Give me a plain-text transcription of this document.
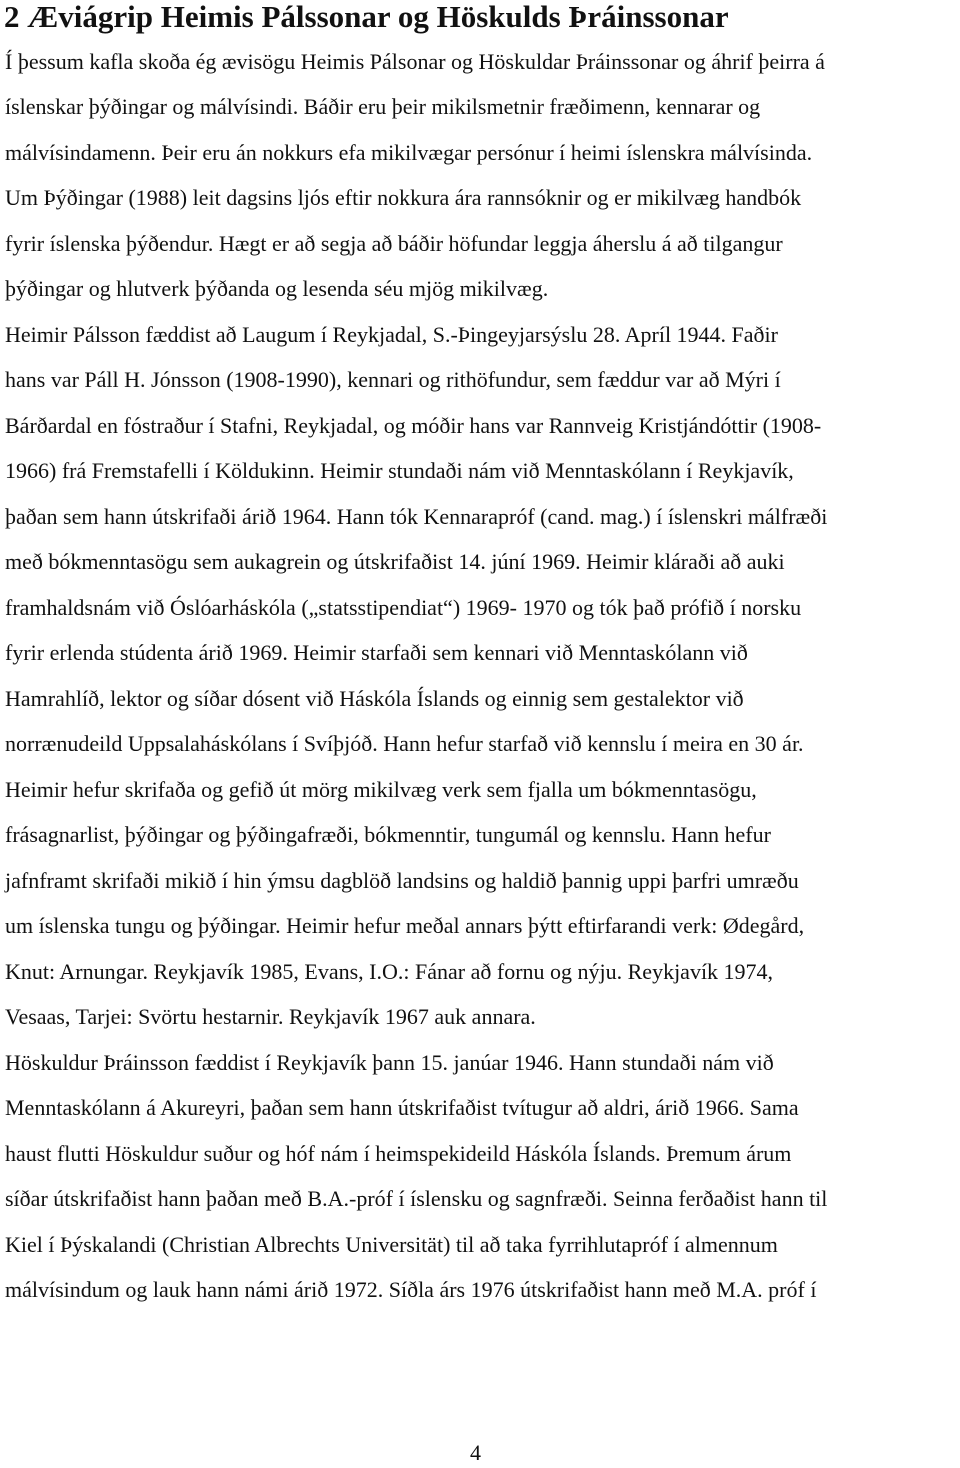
2 Æviágrip Heimis Pálssonar og Höskulds Þráinssonar

Í þessum kafla skoða ég ævisögu Heimis Pálsonar og Höskuldar Þráinssonar og áhrif þeirra á

íslenskar þýðingar og málvísindi. Báðir eru þeir mikilsmetnir fræðimenn, kennarar og

málvísindamenn. Þeir eru án nokkurs efa mikilvægar persónur í heimi íslenskra málvísinda.

Um Þýðingar (1988) leit dagsins ljós eftir nokkura ára rannsóknir og er mikilvæg handbók

fyrir íslenska þýðendur. Hægt er að segja að báðir höfundar leggja áherslu á að tilgangur

þýðingar og hlutverk þýðanda og lesenda séu mjög mikilvæg.

Heimir Pálsson fæddist að Laugum í Reykjadal, S.-Þingeyjarsýslu 28. Apríl 1944. Faðir

hans var Páll H. Jónsson (1908-1990), kennari og rithöfundur, sem fæddur var að Mýri í

Bárðardal en fóstraður í Stafni, Reykjadal, og móðir hans var Rannveig Kristjándóttir (1908-

1966) frá Fremstafelli í Köldukinn. Heimir stundaði nám við Menntaskólann í Reykjavík,

þaðan sem hann útskrifaði árið 1964. Hann tók Kennarapróf (cand. mag.) í íslenskri málfræði

með bókmenntasögu sem aukagrein og útskrifaðist 14. júní 1969. Heimir kláraði að auki

framhaldsnám við Óslóarháskóla („statsstipendiat“) 1969- 1970 og tók það prófið í norsku

fyrir erlenda stúdenta árið 1969. Heimir starfaði sem kennari við Menntaskólann við

Hamrahlíð, lektor og síðar dósent við Háskóla Íslands og einnig sem gestalektor við

norrænudeild Uppsalaháskólans í Svíþjóð. Hann hefur starfað við kennslu í meira en 30 ár.

Heimir hefur skrifaða og gefið út mörg mikilvæg verk sem fjalla um bókmenntasögu,

frásagnarlist, þýðingar og þýðingafræði, bókmenntir, tungumál og kennslu. Hann hefur

jafnframt skrifaði mikið í hin ýmsu dagblöð landsins og haldið þannig uppi þarfri umræðu

um íslenska tungu og þýðingar. Heimir hefur meðal annars þýtt eftirfarandi verk: Ødegård,

Knut: Arnungar. Reykjavík 1985, Evans, I.O.: Fánar að fornu og nýju. Reykjavík 1974,

Vesaas, Tarjei: Svörtu hestarnir. Reykjavík 1967 auk annara.

Höskuldur Þráinsson fæddist í Reykjavík þann 15. janúar 1946. Hann stundaði nám við

Menntaskólann á Akureyri, þaðan sem hann útskrifaðist tvítugur að aldri, árið 1966. Sama

haust flutti Höskuldur suður og hóf nám í heimspekideild Háskóla Íslands. Þremum árum

síðar útskrifaðist hann þaðan með B.A.-próf í íslensku og sagnfræði. Seinna ferðaðist hann til

Kiel í Þýskalandi (Christian Albrechts Universität) til að taka fyrrihlutapróf í almennum

málvísindum og lauk hann námi árið 1972. Síðla árs 1976 útskrifaðist hann með M.A. próf í

4
